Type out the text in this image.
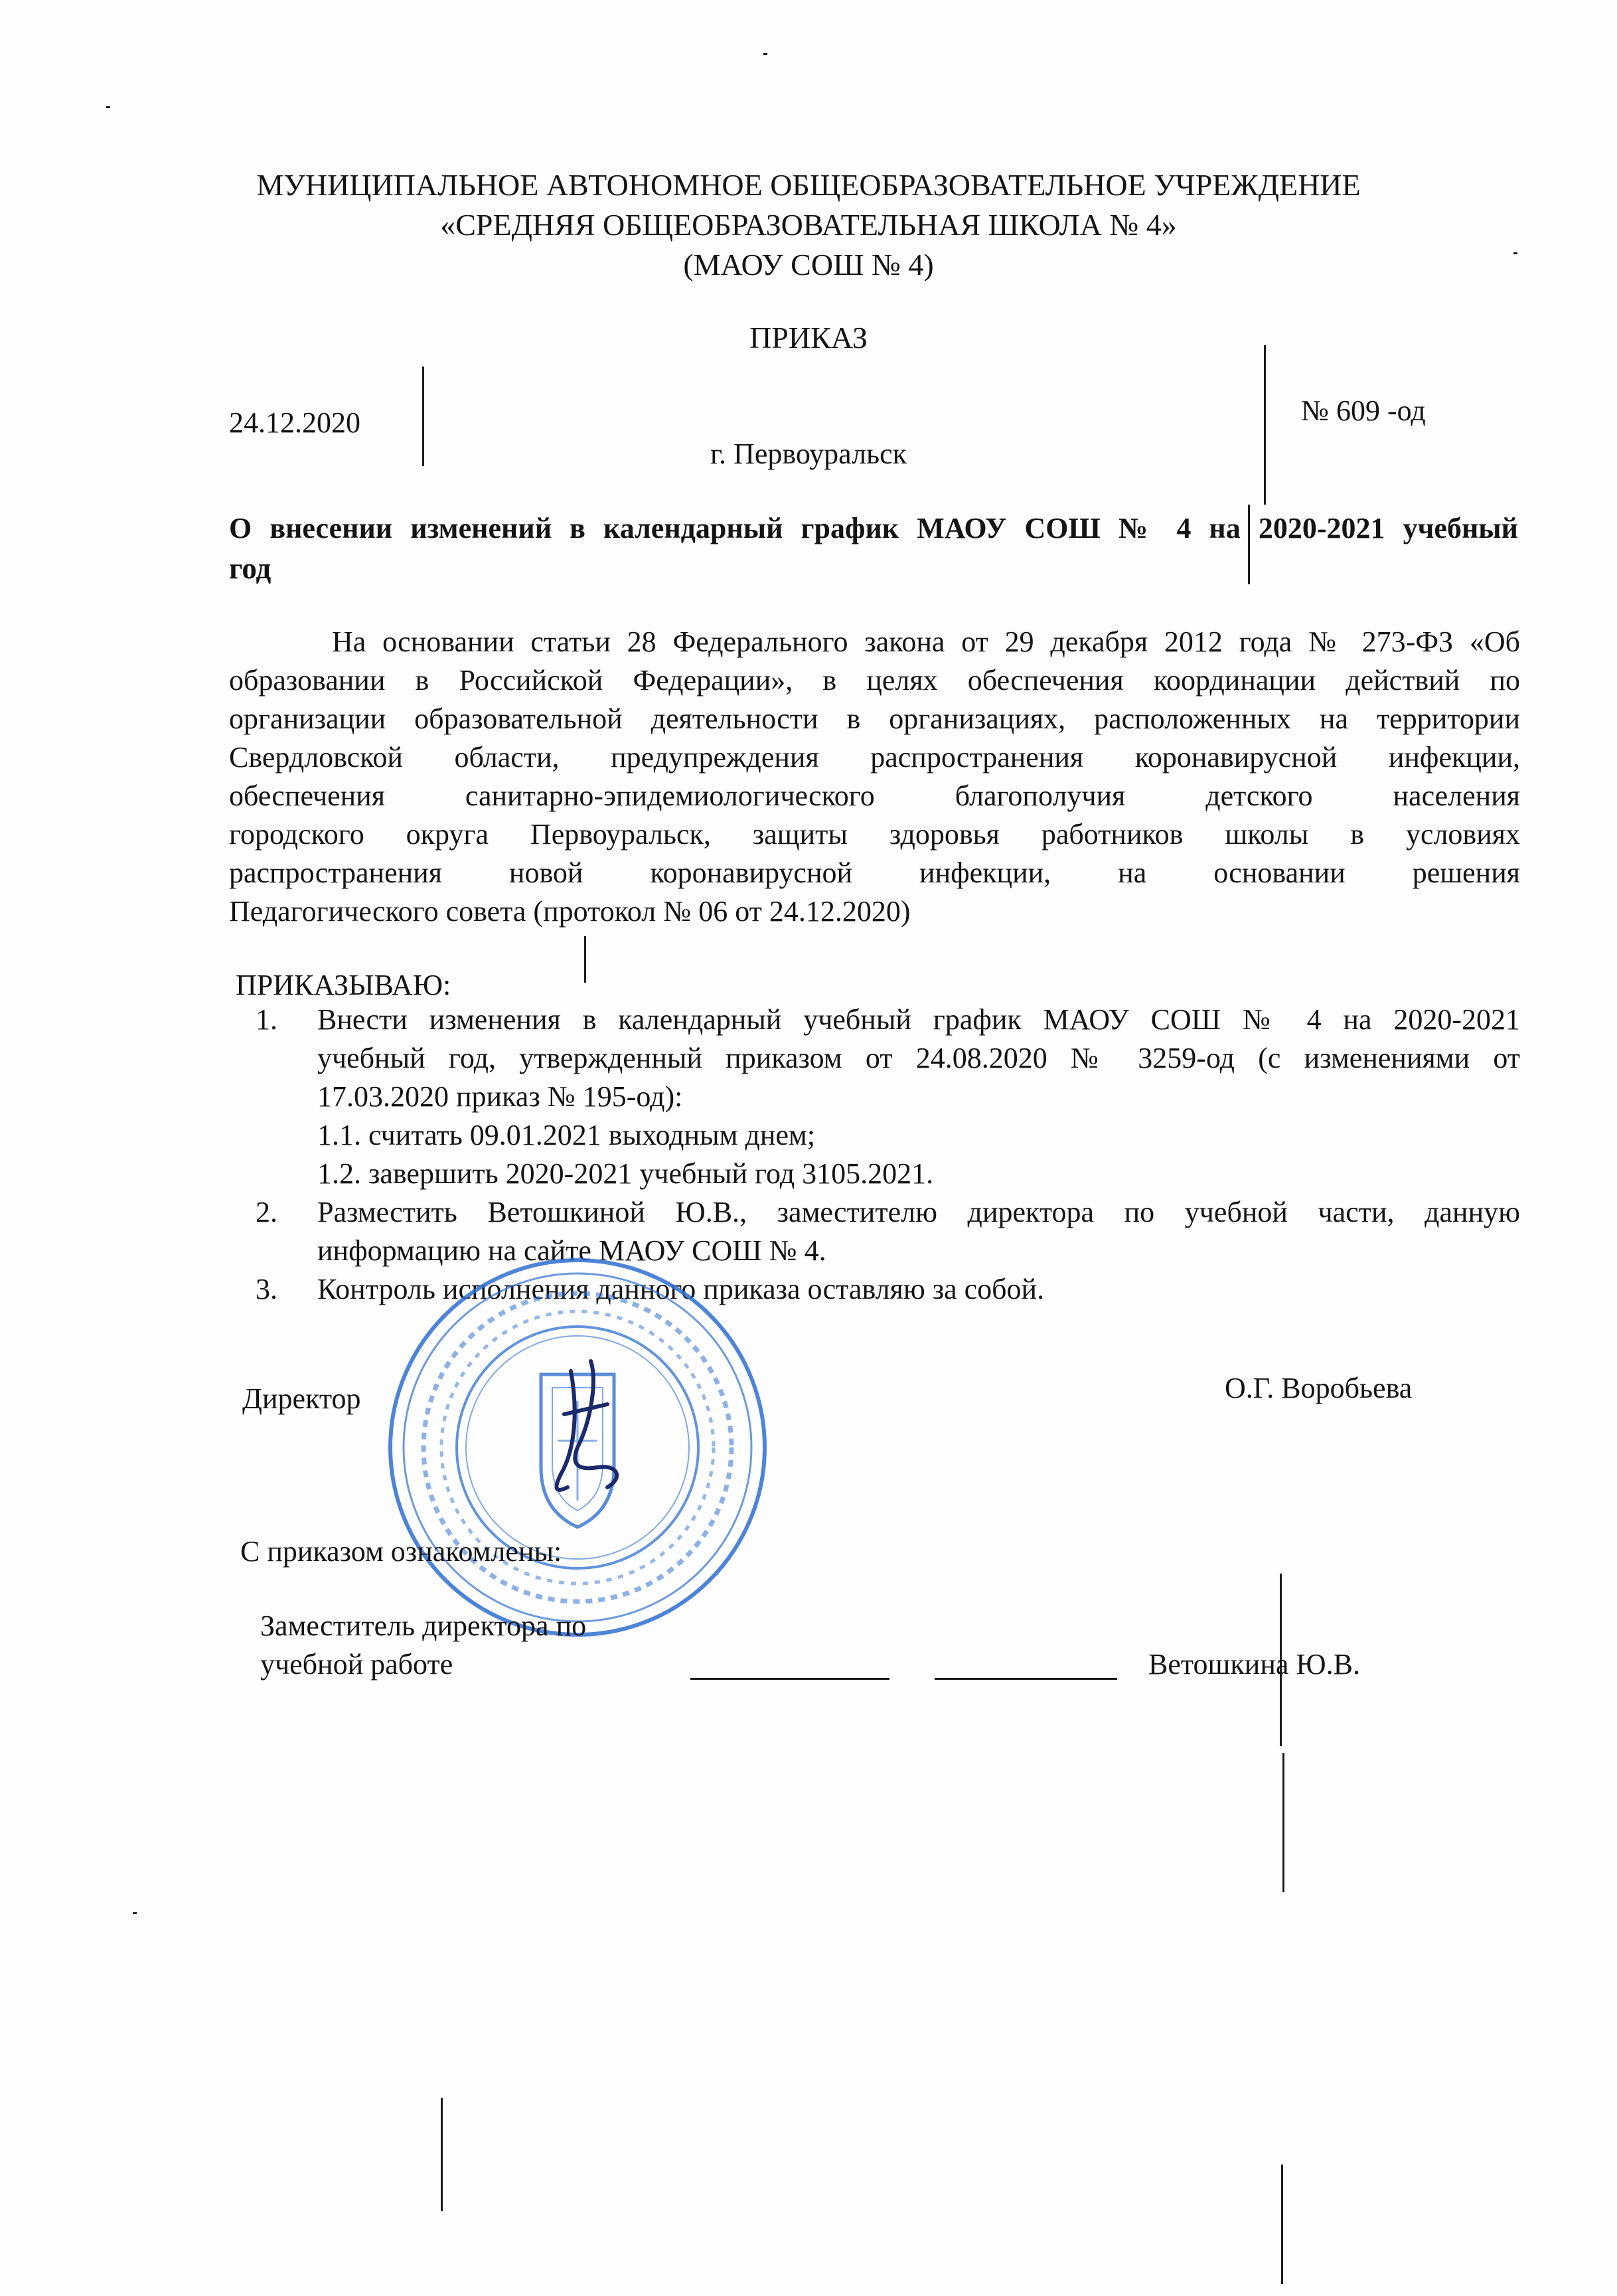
МУНИЦИПАЛЬНОЕ АВТОНОМНОЕ ОБЩЕОБРАЗОВАТЕЛЬНОЕ УЧРЕЖДЕНИЕ
«СРЕДНЯЯ ОБЩЕОБРАЗОВАТЕЛЬНАЯ ШКОЛА № 4»
(МАОУ СОШ № 4)
ПРИКАЗ
24.12.2020	№ 609 -од
г. Первоуральск
О внесении изменений в календарный график МАОУ СОШ № 4 на 2020-2021 учебный
год
На основании статьи 28 Федерального закона от 29 декабря 2012 года № 273-ФЗ «Об
образовании в Российской Федерации», в целях обеспечения координации действий по
организации образовательной деятельности в организациях, расположенных на территории
Свердловской области, предупреждения распространения коронавирусной инфекции,
обеспечения санитарно-эпидемиологического благополучия детского населения
городского округа Первоуральск, защиты здоровья работников школы в условиях
распространения новой коронавирусной инфекции, на основании решения
Педагогического совета (протокол № 06 от 24.12.2020)
ПРИКАЗЫВАЮ:
1. Внести изменения в календарный учебный график МАОУ СОШ № 4 на 2020-2021
учебный год, утвержденный приказом от 24.08.2020 № 3259-од (с изменениями от
17.03.2020 приказ № 195-од):
1.1. считать 09.01.2021 выходным днем;
1.2. завершить 2020-2021 учебный год 3105.2021.
2. Разместить Ветошкиной Ю.В., заместителю директора по учебной части, данную
информацию на сайте МАОУ СОШ № 4.
3. Контроль исполнения данного приказа оставляю за собой.
Директор	О.Г. Воробьева
С приказом ознакомлены:
Заместитель директора по
учебной работе	Ветошкина Ю.В.
